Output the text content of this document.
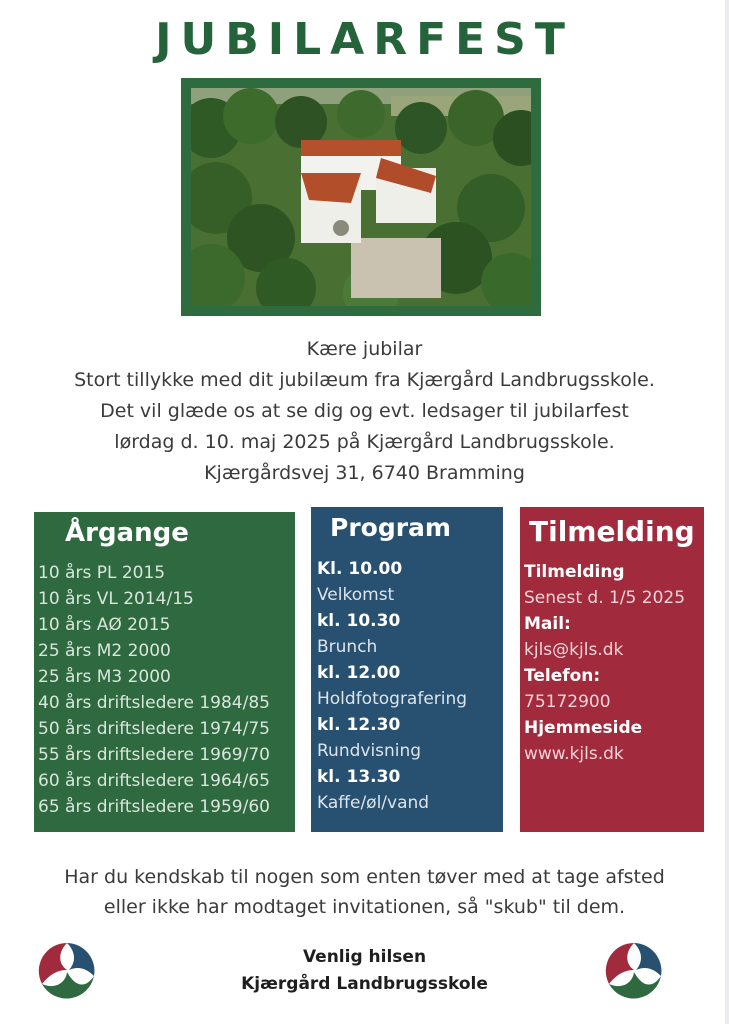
JUBILARFEST
Kære jubilar
Stort tillykke med dit jubilæum fra Kjærgård Landbrugsskole.
Det vil glæde os at se dig og evt. ledsager til jubilarfest
lørdag d. 10. maj 2025 på Kjærgård Landbrugsskole.
Kjærgårdsvej 31, 6740 Bramming
Årgange
10 års PL 2015
10 års VL 2014/15
10 års AØ 2015
25 års M2 2000
25 års M3 2000
40 års driftsledere 1984/85
50 års driftsledere 1974/75
55 års driftsledere 1969/70
60 års driftsledere 1964/65
65 års driftsledere 1959/60
Program
Kl. 10.00
Velkomst
kl. 10.30
Brunch
kl. 12.00
Holdfotografering
kl. 12.30
Rundvisning
kl. 13.30
Kaffe/øl/vand
Tilmelding
Tilmelding
Senest d. 1/5 2025
Mail:
kjls@kjls.dk
Telefon:
75172900
Hjemmeside
www.kjls.dk
Har du kendskab til nogen som enten tøver med at tage afsted
eller ikke har modtaget invitationen, så "skub" til dem.
Venlig hilsen
Kjærgård Landbrugsskole
